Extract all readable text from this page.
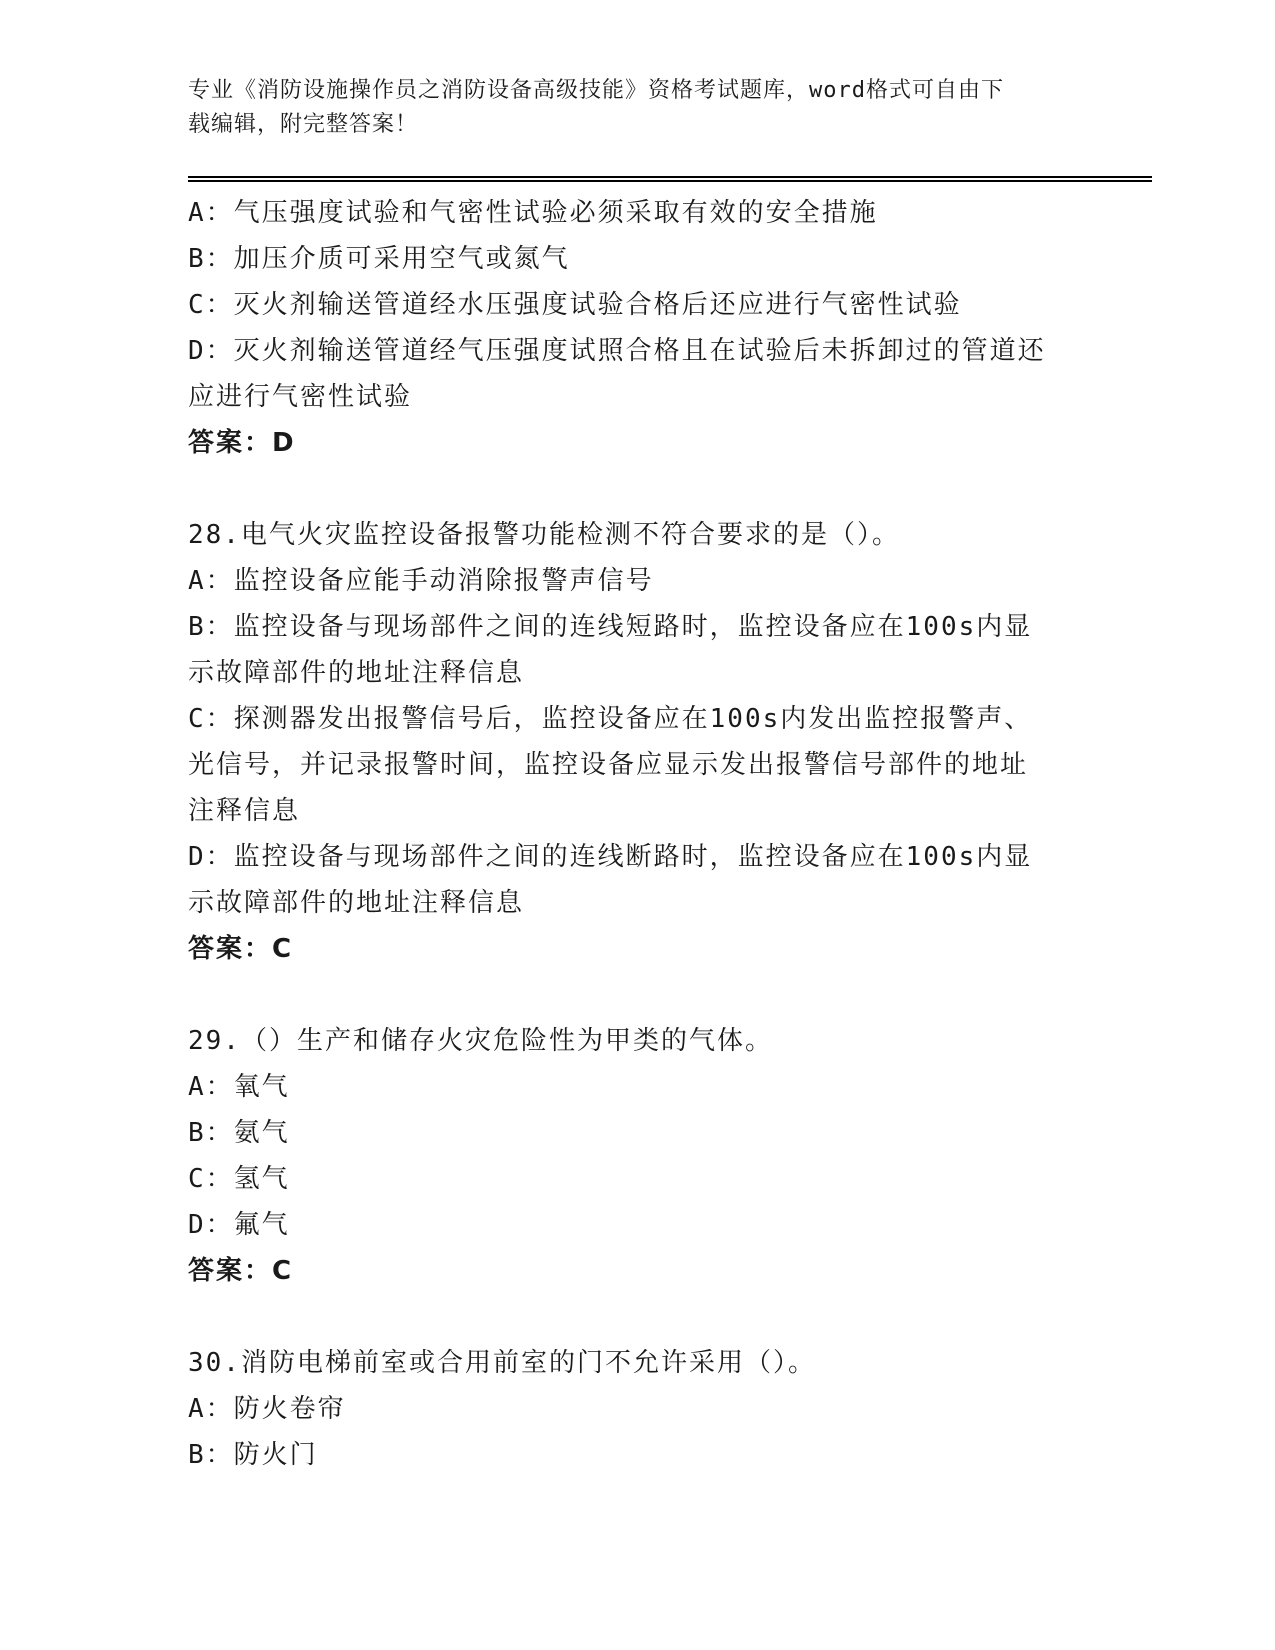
专业《消防设施操作员之消防设备高级技能》资格考试题库，word格式可自由下
载编辑，附完整答案！
A：气压强度试验和气密性试验必须采取有效的安全措施
B：加压介质可采用空气或氮气
C：灭火剂输送管道经水压强度试验合格后还应进行气密性试验
D：灭火剂输送管道经气压强度试照合格且在试验后未拆卸过的管道还
应进行气密性试验
答案：D
28.电气火灾监控设备报警功能检测不符合要求的是（）。
A：监控设备应能手动消除报警声信号
B：监控设备与现场部件之间的连线短路时，监控设备应在100s内显
示故障部件的地址注释信息
C：探测器发出报警信号后，监控设备应在100s内发出监控报警声、
光信号，并记录报警时间，监控设备应显示发出报警信号部件的地址
注释信息
D：监控设备与现场部件之间的连线断路时，监控设备应在100s内显
示故障部件的地址注释信息
答案：C
29.（）生产和储存火灾危险性为甲类的气体。
A：氧气
B：氨气
C：氢气
D：氟气
答案：C
30.消防电梯前室或合用前室的门不允许采用（）。
A：防火卷帘
B：防火门
